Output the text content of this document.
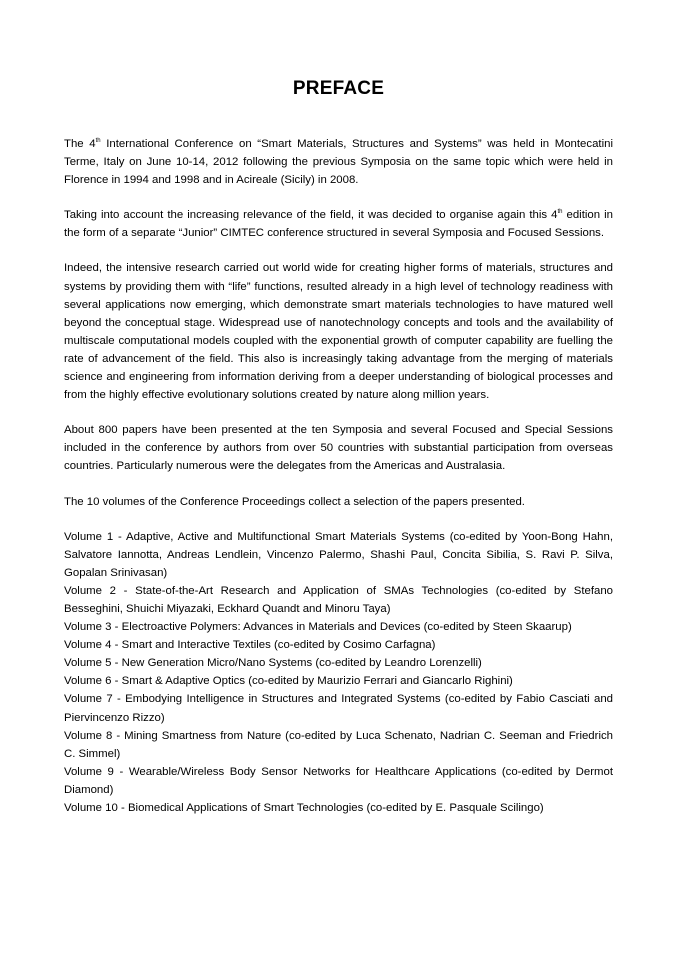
PREFACE

The 4th International Conference on “Smart Materials, Structures and Systems” was held in Montecatini Terme, Italy on June 10-14, 2012 following the previous Symposia on the same topic which were held in Florence in 1994 and 1998 and in Acireale (Sicily) in 2008.

Taking into account the increasing relevance of the field, it was decided to organise again this 4th edition in the form of a separate “Junior” CIMTEC conference structured in several Symposia and Focused Sessions.

Indeed, the intensive research carried out world wide for creating higher forms of materials, structures and systems by providing them with “life” functions, resulted already in a high level of technology readiness with several applications now emerging, which demonstrate smart materials technologies to have matured well beyond the conceptual stage. Widespread use of nanotechnology concepts and tools and the availability of multiscale computational models coupled with the exponential growth of computer capability are fuelling the rate of advancement of the field. This also is increasingly taking advantage from the merging of materials science and engineering from information deriving from a deeper understanding of biological processes and from the highly effective evolutionary solutions created by nature along million years.

About 800 papers have been presented at the ten Symposia and several Focused and Special Sessions included in the conference by authors from over 50 countries with substantial participation from overseas countries. Particularly numerous were the delegates from the Americas and Australasia.

The 10 volumes of the Conference Proceedings collect a selection of the papers presented.

Volume 1 - Adaptive, Active and Multifunctional Smart Materials Systems (co-edited by Yoon-Bong Hahn, Salvatore Iannotta, Andreas Lendlein, Vincenzo Palermo, Shashi Paul, Concita Sibilia, S. Ravi P. Silva, Gopalan Srinivasan)
Volume 2 - State-of-the-Art Research and Application of SMAs Technologies (co-edited by Stefano Besseghini, Shuichi Miyazaki, Eckhard Quandt and Minoru Taya)
Volume 3 - Electroactive Polymers: Advances in Materials and Devices (co-edited by Steen Skaarup)
Volume 4 - Smart and Interactive Textiles (co-edited by Cosimo Carfagna)
Volume 5 - New Generation Micro/Nano Systems (co-edited by Leandro Lorenzelli)
Volume 6 - Smart & Adaptive Optics (co-edited by Maurizio Ferrari and Giancarlo Righini)
Volume 7 - Embodying Intelligence in Structures and Integrated Systems (co-edited by Fabio Casciati and Piervincenzo Rizzo)
Volume 8 - Mining Smartness from Nature (co-edited by Luca Schenato, Nadrian C. Seeman and Friedrich C. Simmel)
Volume 9 - Wearable/Wireless Body Sensor Networks for Healthcare Applications (co-edited by Dermot Diamond)
Volume 10 - Biomedical Applications of Smart Technologies (co-edited by E. Pasquale Scilingo)
